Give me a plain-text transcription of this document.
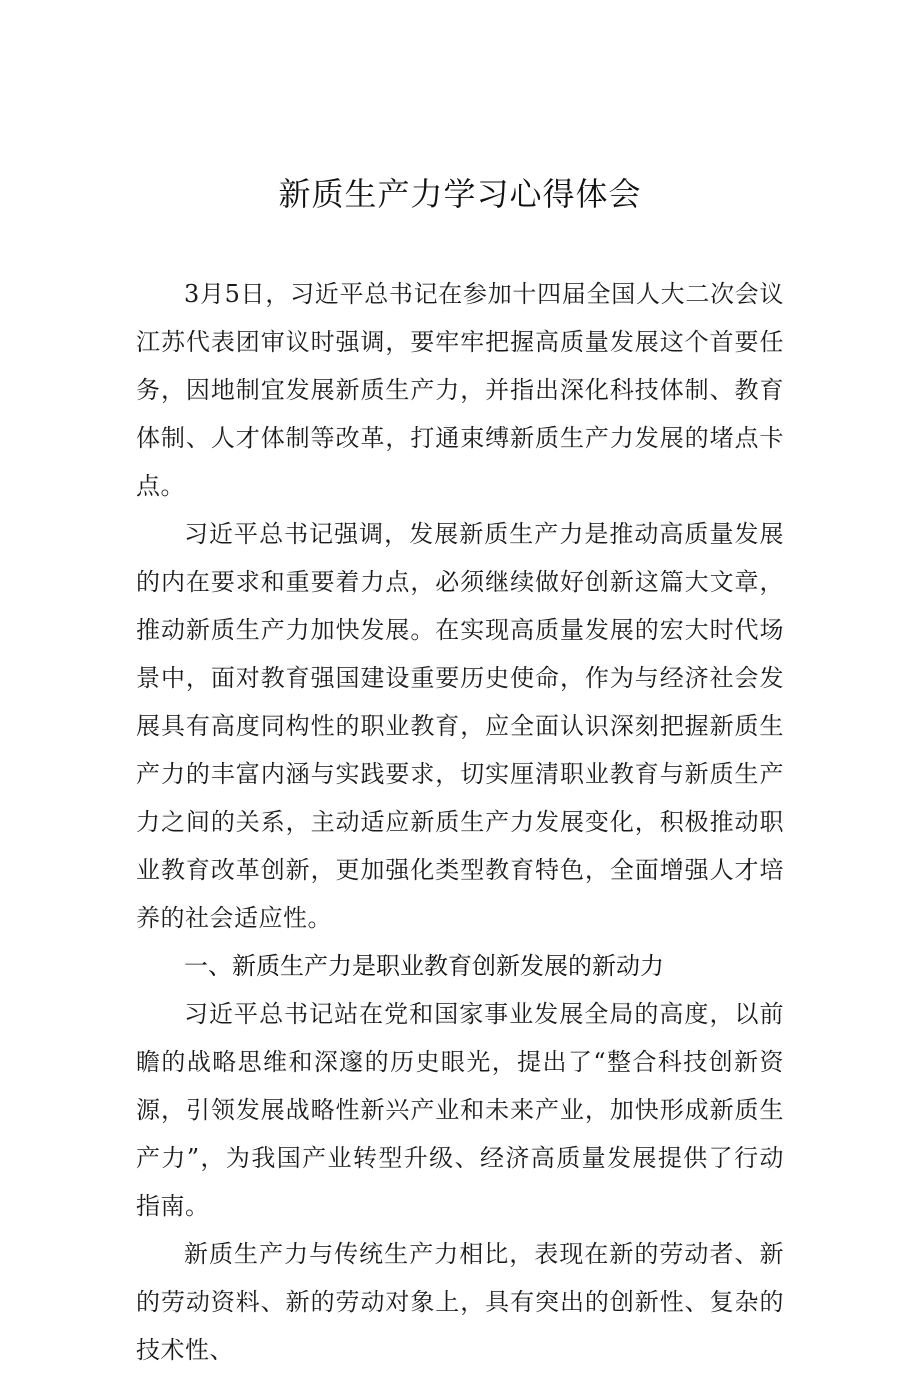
新质生产力学习心得体会

3月5日，习近平总书记在参加十四届全国人大二次会议江苏代表团审议时强调，要牢牢把握高质量发展这个首要任务，因地制宜发展新质生产力，并指出深化科技体制、教育体制、人才体制等改革，打通束缚新质生产力发展的堵点卡点。

习近平总书记强调，发展新质生产力是推动高质量发展的内在要求和重要着力点，必须继续做好创新这篇大文章，推动新质生产力加快发展。在实现高质量发展的宏大时代场景中，面对教育强国建设重要历史使命，作为与经济社会发展具有高度同构性的职业教育，应全面认识深刻把握新质生产力的丰富内涵与实践要求，切实厘清职业教育与新质生产力之间的关系，主动适应新质生产力发展变化，积极推动职业教育改革创新，更加强化类型教育特色，全面增强人才培养的社会适应性。

一、新质生产力是职业教育创新发展的新动力

习近平总书记站在党和国家事业发展全局的高度，以前瞻的战略思维和深邃的历史眼光，提出了“整合科技创新资源，引领发展战略性新兴产业和未来产业，加快形成新质生产力”，为我国产业转型升级、经济高质量发展提供了行动指南。

新质生产力与传统生产力相比，表现在新的劳动者、新的劳动资料、新的劳动对象上，具有突出的创新性、复杂的技术性、
